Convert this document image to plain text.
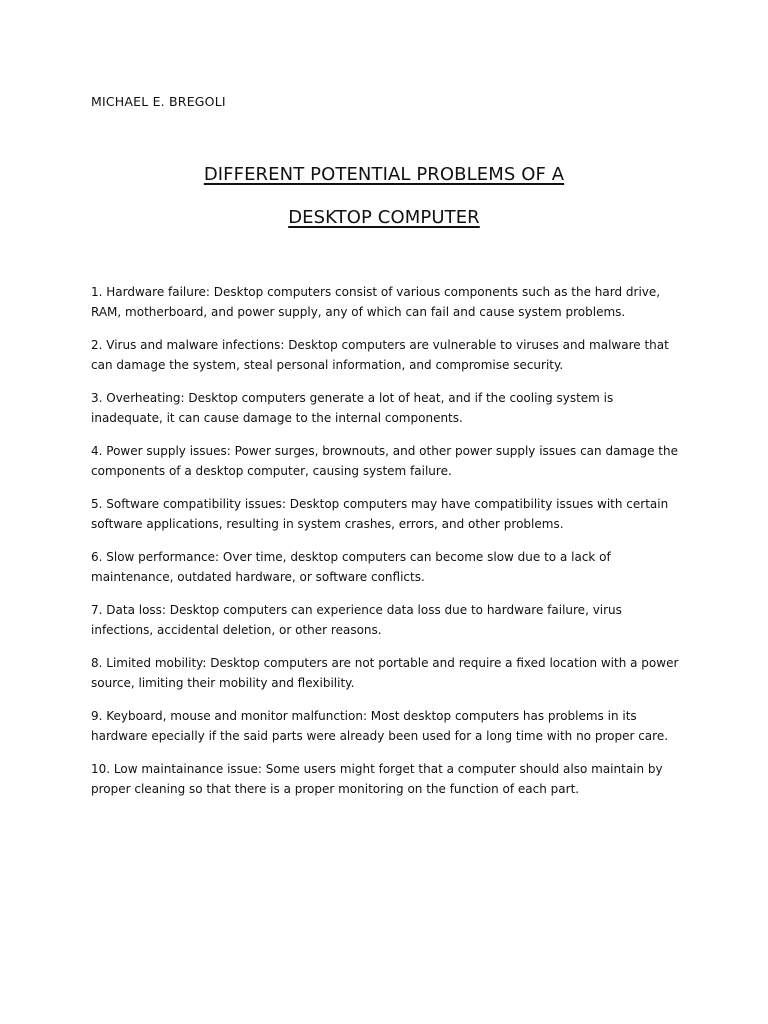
MICHAEL E. BREGOLI
DIFFERENT POTENTIAL PROBLEMS OF A
DESKTOP COMPUTER

1. Hardware failure: Desktop computers consist of various components such as the hard drive, RAM, motherboard, and power supply, any of which can fail and cause system problems.

2. Virus and malware infections: Desktop computers are vulnerable to viruses and malware that can damage the system, steal personal information, and compromise security.

3. Overheating: Desktop computers generate a lot of heat, and if the cooling system is inadequate, it can cause damage to the internal components.

4. Power supply issues: Power surges, brownouts, and other power supply issues can damage the components of a desktop computer, causing system failure.

5. Software compatibility issues: Desktop computers may have compatibility issues with certain software applications, resulting in system crashes, errors, and other problems.

6. Slow performance: Over time, desktop computers can become slow due to a lack of maintenance, outdated hardware, or software conflicts.

7. Data loss: Desktop computers can experience data loss due to hardware failure, virus infections, accidental deletion, or other reasons.

8. Limited mobility: Desktop computers are not portable and require a fixed location with a power source, limiting their mobility and flexibility.

9. Keyboard, mouse and monitor malfunction: Most desktop computers has problems in its hardware epecially if the said parts were already been used for a long time with no proper care.

10. Low maintainance issue: Some users might forget that a computer should also maintain by proper cleaning so that there is a proper monitoring on the function of each part.
